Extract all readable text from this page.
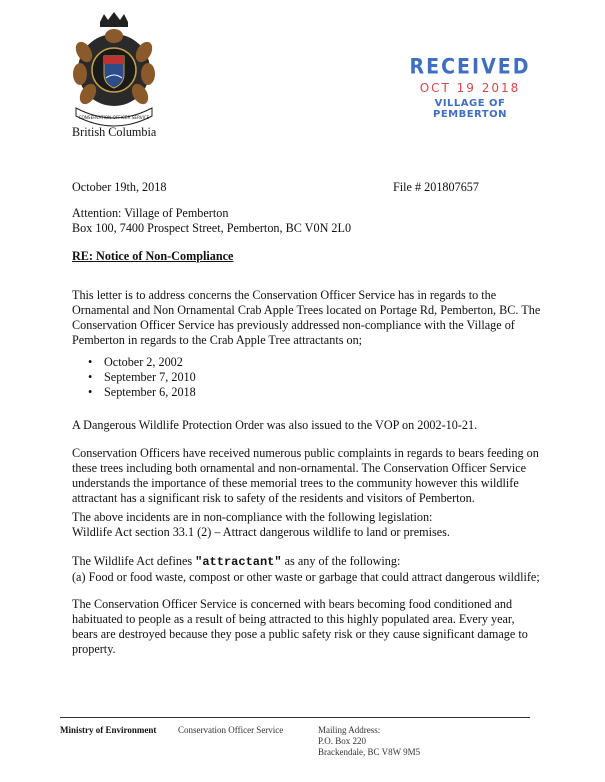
CONSERVATION OFFICER SERVICE
British Columbia
RECEIVED
OCT 19 2018
VILLAGE OF PEMBERTON
October 19th, 2018	File # 201807657
Attention: Village of Pemberton
Box 100, 7400 Prospect Street, Pemberton, BC V0N 2L0
RE: Notice of Non-Compliance
This letter is to address concerns the Conservation Officer Service has in regards to the Ornamental and Non Ornamental Crab Apple Trees located on Portage Rd, Pemberton, BC. The Conservation Officer Service has previously addressed non-compliance with the Village of Pemberton in regards to the Crab Apple Tree attractants on;
• October 2, 2002
• September 7, 2010
• September 6, 2018
A Dangerous Wildlife Protection Order was also issued to the VOP on 2002-10-21.
Conservation Officers have received numerous public complaints in regards to bears feeding on these trees including both ornamental and non-ornamental. The Conservation Officer Service understands the importance of these memorial trees to the community however this wildlife attractant has a significant risk to safety of the residents and visitors of Pemberton.
The above incidents are in non-compliance with the following legislation:
Wildlife Act section 33.1 (2) – Attract dangerous wildlife to land or premises.
The Wildlife Act defines "attractant" as any of the following:
(a) Food or food waste, compost or other waste or garbage that could attract dangerous wildlife;
The Conservation Officer Service is concerned with bears becoming food conditioned and habituated to people as a result of being attracted to this highly populated area. Every year, bears are destroyed because they pose a public safety risk or they cause significant damage to property.
Ministry of Environment Conservation Officer Service	Mailing Address:
P.O. Box 220
Brackendale, BC V8W 9M5
